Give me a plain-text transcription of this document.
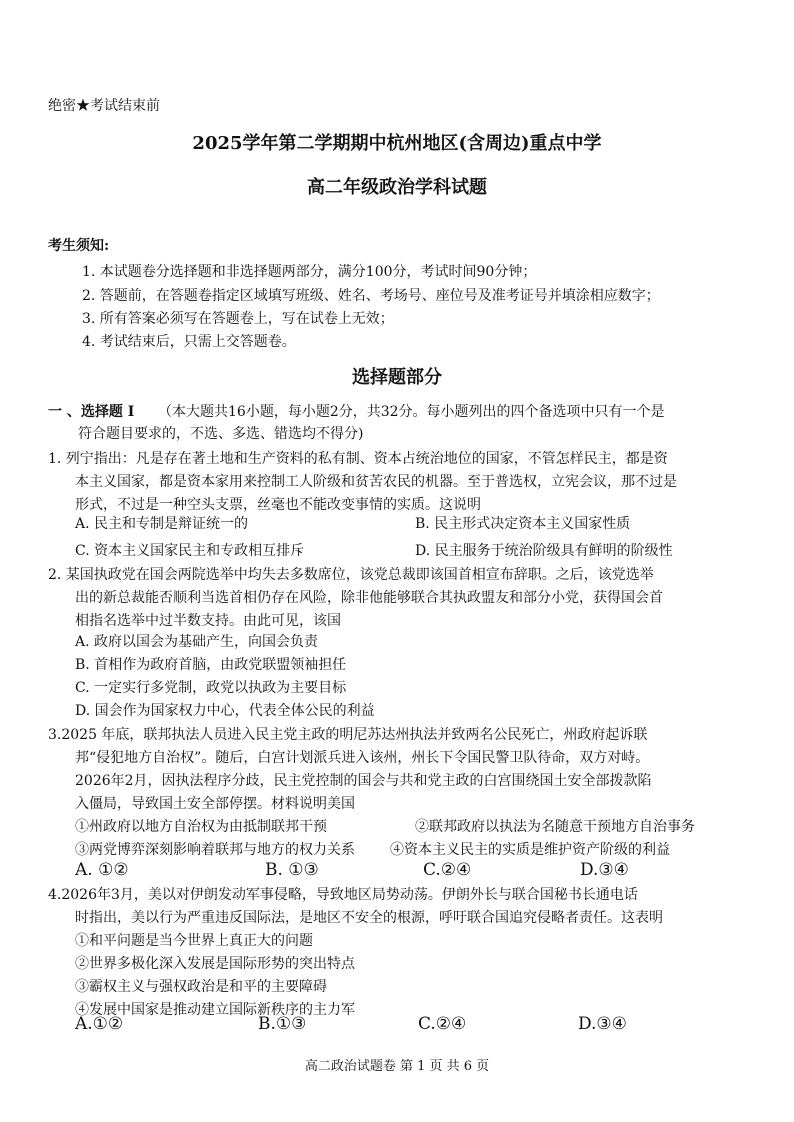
绝密★考试结束前
2025学年第二学期期中杭州地区(含周边)重点中学
高二年级政治学科试题
考生须知:
1. 本试题卷分选择题和非选择题两部分，满分100分，考试时间90分钟；
2. 答题前，在答题卷指定区域填写班级、姓名、考场号、座位号及准考证号并填涂相应数字；
3. 所有答案必须写在答题卷上，写在试卷上无效；
4. 考试结束后，只需上交答题卷。
选择题部分
一 、选择题 I （本大题共16小题，每小题2分，共32分。每小题列出的四个备选项中只有一个是
符合题目要求的，不选、多选、错选均不得分)
1. 列宁指出：凡是存在著土地和生产资料的私有制、资本占统治地位的国家，不管怎样民主，都是资
本主义国家，都是资本家用来控制工人阶级和贫苦农民的机器。至于普选权，立宪会议，那不过是
形式，不过是一种空头支票，丝毫也不能改变事情的实质。这说明
A. 民主和专制是辩证统一的	B. 民主形式决定资本主义国家性质
C. 资本主义国家民主和专政相互排斥	D. 民主服务于统治阶级具有鲜明的阶级性
2. 某国执政党在国会两院选举中均失去多数席位，该党总裁即该国首相宣布辞职。之后，该党选举
出的新总裁能否顺利当选首相仍存在风险，除非他能够联合其执政盟友和部分小党，获得国会首
相指名选举中过半数支持。由此可见，该国
A. 政府以国会为基础产生，向国会负责
B. 首相作为政府首脑，由政党联盟领袖担任
C. 一定实行多党制，政党以执政为主要目标
D. 国会作为国家权力中心，代表全体公民的利益
3.2025 年底，联邦执法人员进入民主党主政的明尼苏达州执法并致两名公民死亡，州政府起诉联
邦“侵犯地方自治权”。随后，白宫计划派兵进入该州，州长下令国民警卫队待命，双方对峙。
2026年2月，因执法程序分歧，民主党控制的国会与共和党主政的白宫围绕国土安全部拨款陷
入僵局，导致国土安全部停摆。材料说明美国
①州政府以地方自治权为由抵制联邦干预	②联邦政府以执法为名随意干预地方自治事务
③两党博弈深刻影响着联邦与地方的权力关系	④资本主义民主的实质是维护资产阶级的利益
A. ①②	B. ①③	C.②④	D.③④
4.2026年3月，美以对伊朗发动军事侵略，导致地区局势动荡。伊朗外长与联合国秘书长通电话
时指出，美以行为严重违反国际法，是地区不安全的根源，呼吁联合国追究侵略者责任。这表明
①和平问题是当今世界上真正大的问题
②世界多极化深入发展是国际形势的突出特点
③霸权主义与强权政治是和平的主要障碍
④发展中国家是推动建立国际新秩序的主力军
A.①②	B.①③	C.②④	D.③④
高二政治试题卷 第 1 页 共 6 页
